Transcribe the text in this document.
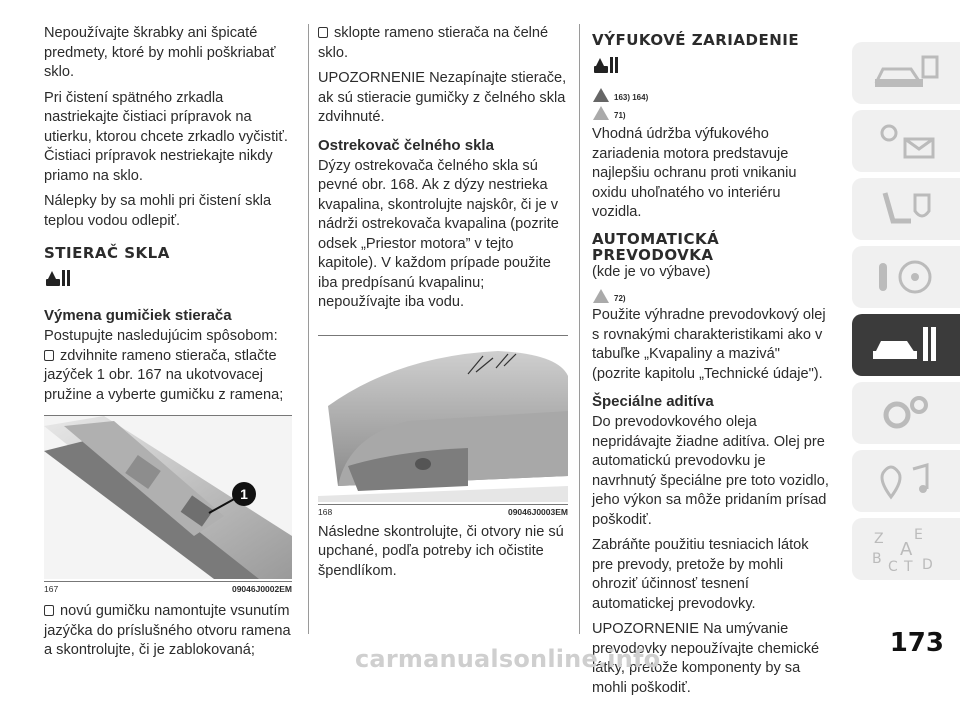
Nepoužívajte škrabky ani špicaté predmety, ktoré by mohli poškriabať sklo.

Pri čistení spätného zrkadla nastriekajte čistiaci prípravok na utierku, ktorou chcete zrkadlo vyčistiť. Čistiaci prípravok nestriekajte nikdy priamo na sklo.

Nálepky by sa mohli pri čistení skla teplou vodou odlepiť.

STIERAČ SKLA
Výmena gumičiek stierača

Postupujte nasledujúcim spôsobom:

zdvihnite rameno stierača, stlačte jazýček 1 obr. 167 na ukotvovacej pružine a vyberte gumičku z ramena;
1
167	09046J0002EM
novú gumičku namontujte vsunutím jazýčka do príslušného otvoru ramena a skontrolujte, či je zablokovaná;
sklopte rameno stierača na čelné sklo.

UPOZORNENIE Nezapínajte stierače, ak sú stieracie gumičky z čelného skla zdvihnuté.

Ostrekovač čelného skla

Dýzy ostrekovača čelného skla sú pevné obr. 168. Ak z dýzy nestrieka kvapalina, skontrolujte najskôr, či je v nádrži ostrekovača kvapalina (pozrite odsek „Priestor motora” v tejto kapitole). V každom prípade použite iba predpísanú kvapalinu; nepoužívajte iba vodu.

168	09046J0003EM

Následne skontrolujte, či otvory nie sú upchané, podľa potreby ich očistite špendlíkom.

VÝFUKOVÉ ZARIADENIE
163) 164)
71)

Vhodná údržba výfukového zariadenia motora predstavuje najlepšiu ochranu proti vnikaniu oxidu uhoľnatého vo interiéru vozidla.

AUTOMATICKÁ PREVODOVKA

(kde je vo výbave)

72)

Použite výhradne prevodovkový olej s rovnakými charakteristikami ako v tabuľke „Kvapaliny a mazivá" (pozrite kapitolu „Technické údaje").

Špeciálne aditíva

Do prevodovkového oleja nepridávajte žiadne aditíva. Olej pre automatickú prevodovku je navrhnutý špeciálne pre toto vozidlo, jeho výkon sa môže pridaním prísad poškodiť.

Zabráňte použitiu tesniacich látok pre prevody, pretože by mohli ohroziť účinnosť tesnení automatickej prevodovky.

UPOZORNENIE Na umývanie prevodovky nepoužívajte chemické látky, pretože komponenty by sa mohli poškodiť.

Z E
B A
C T D
173
carmanualsonline.info
